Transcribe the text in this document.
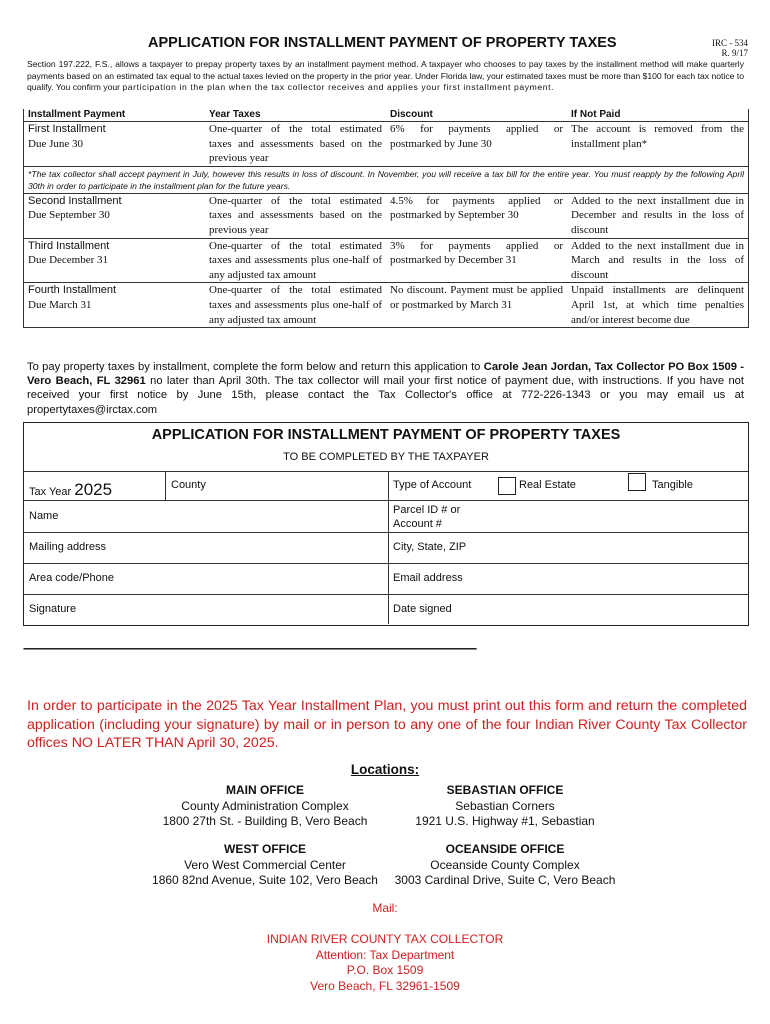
APPLICATION FOR INSTALLMENT PAYMENT OF PROPERTY TAXES	IRC - 534
R. 9/17
Section 197.222, F.S., allows a taxpayer to prepay property taxes by an installment payment method. A taxpayer who chooses to pay taxes by the installment method will make quarterly payments based on an estimated tax equal to the actual taxes levied on the property in the prior year. Under Florida law, your estimated taxes must be more than $100 for each tax notice to qualify. You confirm your participation in the plan when the tax collector receives and applies your first installment payment.
Installment Payment	Year Taxes	Discount	If Not Paid

First Installment
Due June 30	One-quarter of the total estimated taxes and assessments based on the previous year	6% for payments applied or postmarked by June 30	The account is removed from the installment plan*
*The tax collector shall accept payment in July, however this results in loss of discount. In November, you will receive a tax bill for the entire year. You must reapply by the following April 30th in order to participate in the installment plan for the future years.			

Second Installment
Due September 30	One-quarter of the total estimated taxes and assessments based on the previous year	4.5% for payments applied or postmarked by September 30	Added to the next installment due in December and results in the loss of discount

Third Installment
Due December 31	One-quarter of the total estimated taxes and assessments plus one-half of any adjusted tax amount	3% for payments applied or postmarked by December 31	Added to the next installment due in March and results in the loss of discount

Fourth Installment
Due March 31	One-quarter of the total estimated taxes and assessments plus one-half of any adjusted tax amount	No discount. Payment must be applied or postmarked by March 31	Unpaid installments are delinquent April 1st, at which time penalties and/or interest become due
To pay property taxes by installment, complete the form below and return this application to Carole Jean Jordan, Tax Collector PO Box 1509 - Vero Beach, FL 32961 no later than April 30th. The tax collector will mail your first notice of payment due, with instructions. If you have not received your first notice by June 15th, please contact the Tax Collector's office at 772-226-1343 or you may email us at propertytaxes@irctax.com
APPLICATION FOR INSTALLMENT PAYMENT OF PROPERTY TAXES
TO BE COMPLETED BY THE TAXPAYER
Tax Year 2025	County	Type of Account	Real Estate	Tangible
Name	Parcel ID # or
Account #
Mailing address	City, State, ZIP
Area code/Phone	Email address
Signature	Date signed
------------------------------------------------------------------------------------------------------------------------------------------------------------------
In order to participate in the 2025 Tax Year Installment Plan, you must print out this form and return the completed application (including your signature) by mail or in person to any one of the four Indian River County Tax Collector offices NO LATER THAN April 30, 2025.
Locations:
MAIN OFFICE
County Administration Complex
1800 27th St. - Building B, Vero Beach
SEBASTIAN OFFICE
Sebastian Corners
1921 U.S. Highway #1, Sebastian
WEST OFFICE
Vero West Commercial Center
1860 82nd Avenue, Suite 102, Vero Beach
OCEANSIDE OFFICE
Oceanside County Complex
3003 Cardinal Drive, Suite C, Vero Beach
Mail:
INDIAN RIVER COUNTY TAX COLLECTOR
Attention: Tax Department
P.O. Box 1509
Vero Beach, FL 32961-1509
